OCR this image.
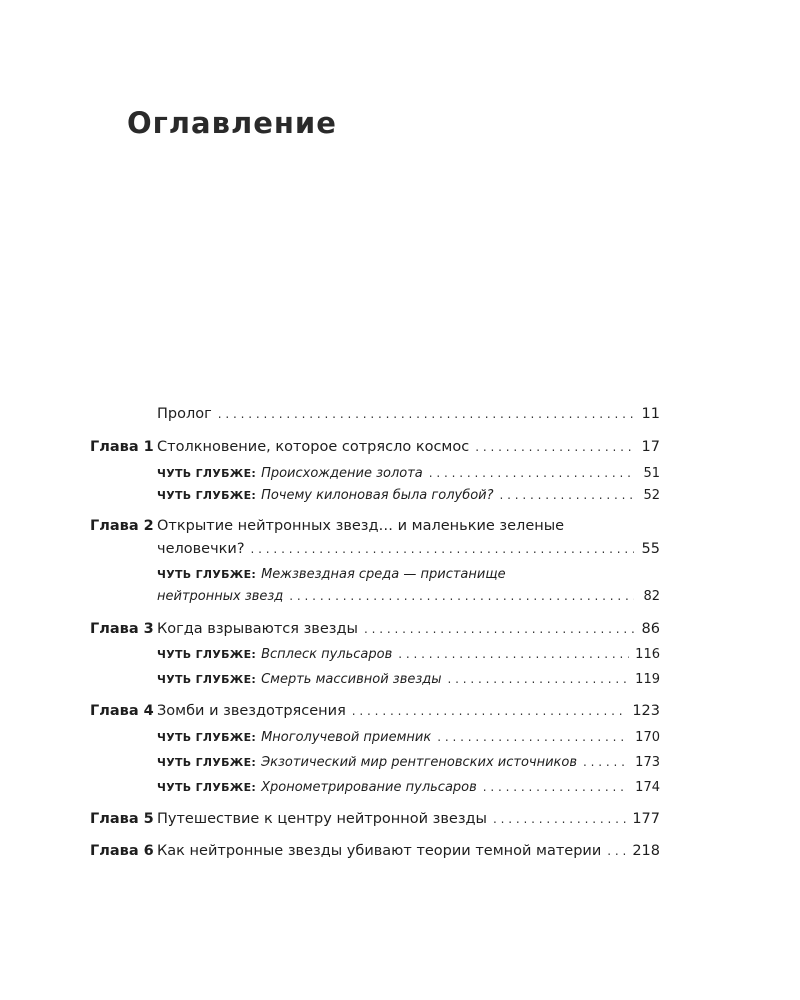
Оглавление
Пролог . . .	11
Глава 1 Столкновение, которое сотрясло космос . . .	17
ЧУТЬ ГЛУБЖЕ: Происхождение золота . . .	51
ЧУТЬ ГЛУБЖЕ: Почему килоновая была голубой? . . .	52
Глава 2 Открытие нейтронных звезд… и маленькие зеленые
человечки? . . .	55
ЧУТЬ ГЛУБЖЕ: Межзвездная среда — пристанище
нейтронных звезд . . .	82
Глава 3 Когда взрываются звезды . . .	86
ЧУТЬ ГЛУБЖЕ: Всплеск пульсаров . . .	116
ЧУТЬ ГЛУБЖЕ: Смерть массивной звезды . . .	119
Глава 4 Зомби и звездотрясения . . .	123
ЧУТЬ ГЛУБЖЕ: Многолучевой приемник . . .	170
ЧУТЬ ГЛУБЖЕ: Экзотический мир рентгеновских источников . . .	173
ЧУТЬ ГЛУБЖЕ: Хронометрирование пульсаров . . .	174
Глава 5 Путешествие к центру нейтронной звезды . . .	177
Глава 6 Как нейтронные звезды убивают теории темной материи . . . 218
